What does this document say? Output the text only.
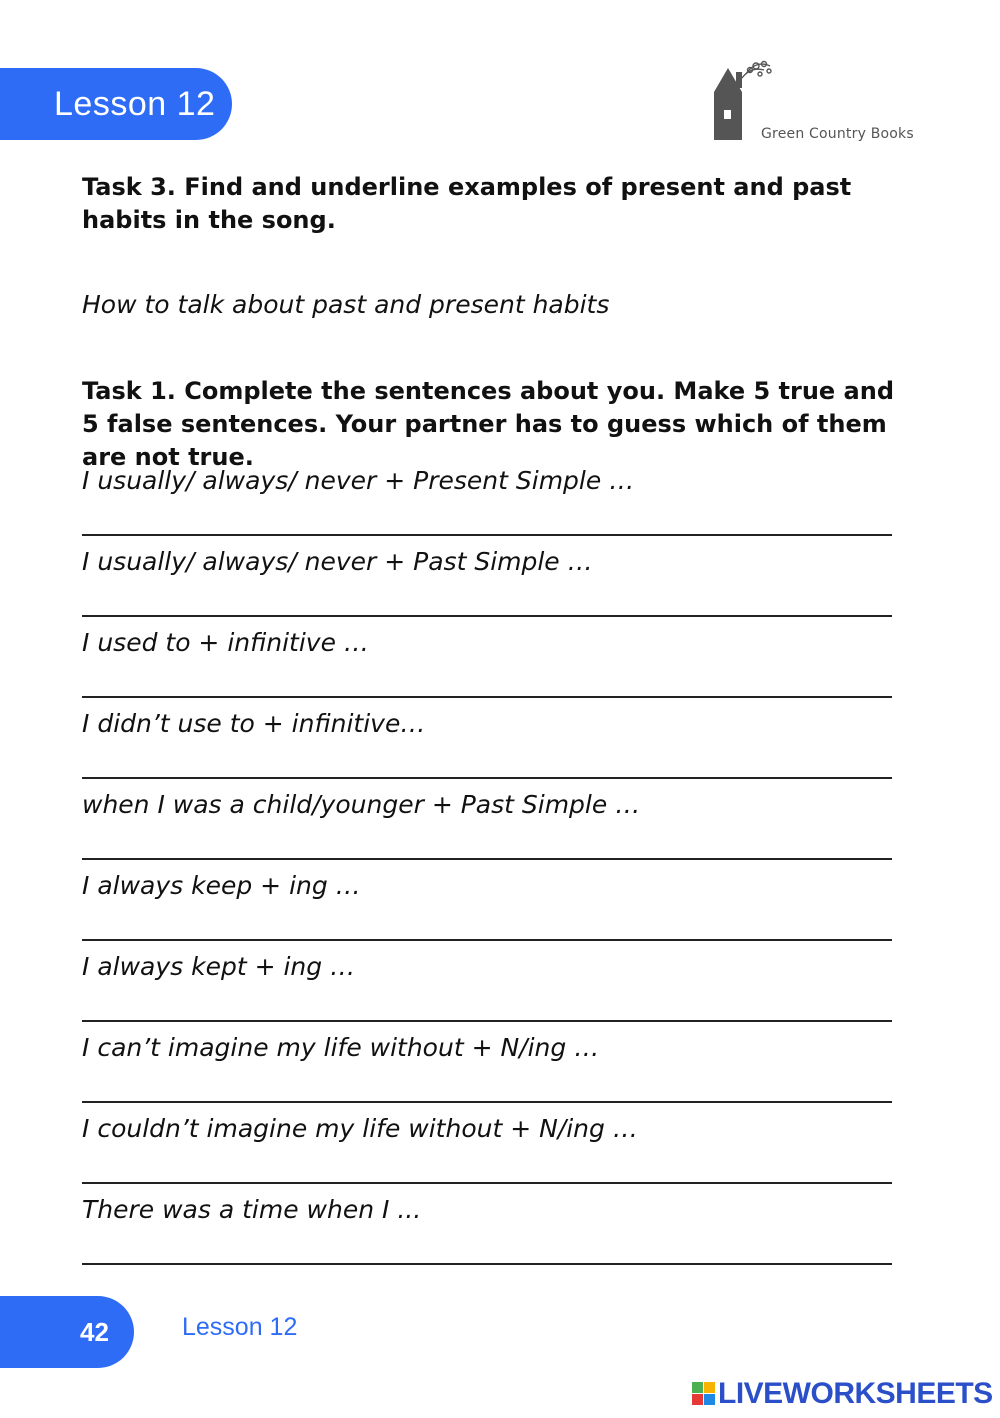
Lesson 12
Green Country Books
Task 3. Find and underline examples of present and past habits in the song.
How to talk about past and present habits
Task 1. Complete the sentences about you. Make 5 true and 5 false sentences. Your partner has to guess which of them are not true.
I usually/ always/ never + Present Simple …
I usually/ always/ never + Past Simple …
I used to + infinitive …
I didn’t use to + infinitive…
when I was a child/younger + Past Simple …
I always keep + ing …
I always kept + ing …
I can’t imagine my life without + N/ing …
I couldn’t imagine my life without + N/ing …
There was a time when I ...
42	Lesson 12
LIVEWORKSHEETS
